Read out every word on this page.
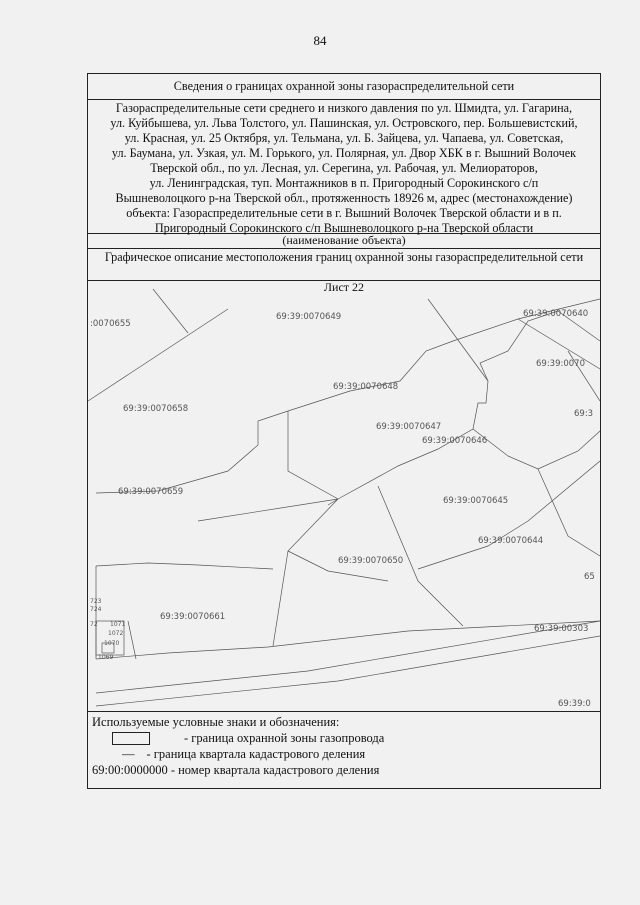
84
Сведения о границах охранной зоны газораспределительной сети
Газораспределительные сети среднего и низкого давления по ул. Шмидта, ул. Гагарина,
ул. Куйбышева, ул. Льва Толстого, ул. Пашинская, ул. Островского, пер. Большевистский,
ул. Красная, ул. 25 Октября, ул. Тельмана, ул. Б. Зайцева, ул. Чапаева, ул. Советская,
ул. Баумана, ул. Узкая, ул. М. Горького, ул. Полярная, ул. Двор ХБК в г. Вышний Волочек
Тверской обл., по ул. Лесная, ул. Серегина, ул. Рабочая, ул. Мелиораторов,
ул. Ленинградская, туп. Монтажников в п. Пригородный Сорокинского с/п
Вышневолоцкого р-на Тверской обл., протяженность 18926 м, адрес (местонахождение)
объекта: Газораспределительные сети в г. Вышний Волочек Тверской области и в п.
Пригородный Сорокинского с/п Вышневолоцкого р-на Тверской области
(наименование объекта)
Графическое описание местоположения границ охранной зоны газораспределительной сети
Лист 22
:0070655
69:39:0070649	69:39:0070640
69:39:0070
69:39:0070648
69:39:0070658
69:39:0070647
69:3
69:39:0070646
69:39:0070659
69:39:0070645
69:39:0070644
69:39:0070650
65
69:39:0070661
69:39:00303
69:39:0
723
724
72 1071
1072
1070
1069
Используемые условные знаки и обозначения:
- граница охранной зоны газопровода
— - граница квартала кадастрового деления
69:00:0000000 - номер квартала кадастрового деления
